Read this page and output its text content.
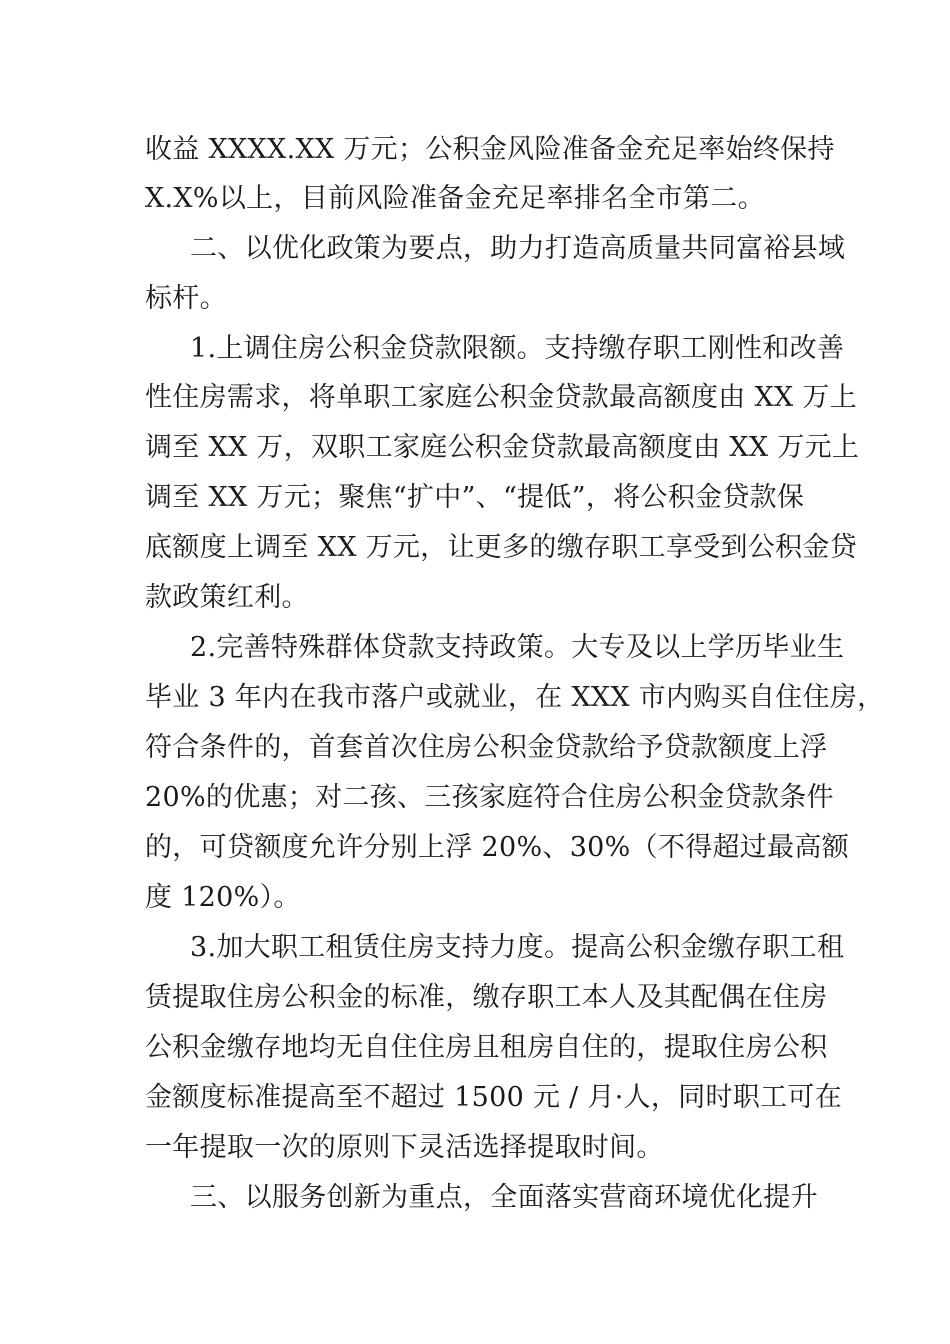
收益 XXXX.XX 万元；公积金风险准备金充足率始终保持
X.X%以上，目前风险准备金充足率排名全市第二。
二、以优化政策为要点，助力打造高质量共同富裕县域
标杆。
1.上调住房公积金贷款限额。支持缴存职工刚性和改善
性住房需求，将单职工家庭公积金贷款最高额度由 XX 万上
调至 XX 万，双职工家庭公积金贷款最高额度由 XX 万元上
调至 XX 万元；聚焦“扩中”、“提低”，将公积金贷款保
底额度上调至 XX 万元，让更多的缴存职工享受到公积金贷
款政策红利。
2.完善特殊群体贷款支持政策。大专及以上学历毕业生
毕业 3 年内在我市落户或就业，在 XXX 市内购买自住住房，
符合条件的，首套首次住房公积金贷款给予贷款额度上浮
20%的优惠；对二孩、三孩家庭符合住房公积金贷款条件
的，可贷额度允许分别上浮 20%、30%（不得超过最高额
度 120%）。
3.加大职工租赁住房支持力度。提高公积金缴存职工租
赁提取住房公积金的标准，缴存职工本人及其配偶在住房
公积金缴存地均无自住住房且租房自住的，提取住房公积
金额度标准提高至不超过 1500 元 / 月·人，同时职工可在
一年提取一次的原则下灵活选择提取时间。
三、以服务创新为重点，全面落实营商环境优化提升
